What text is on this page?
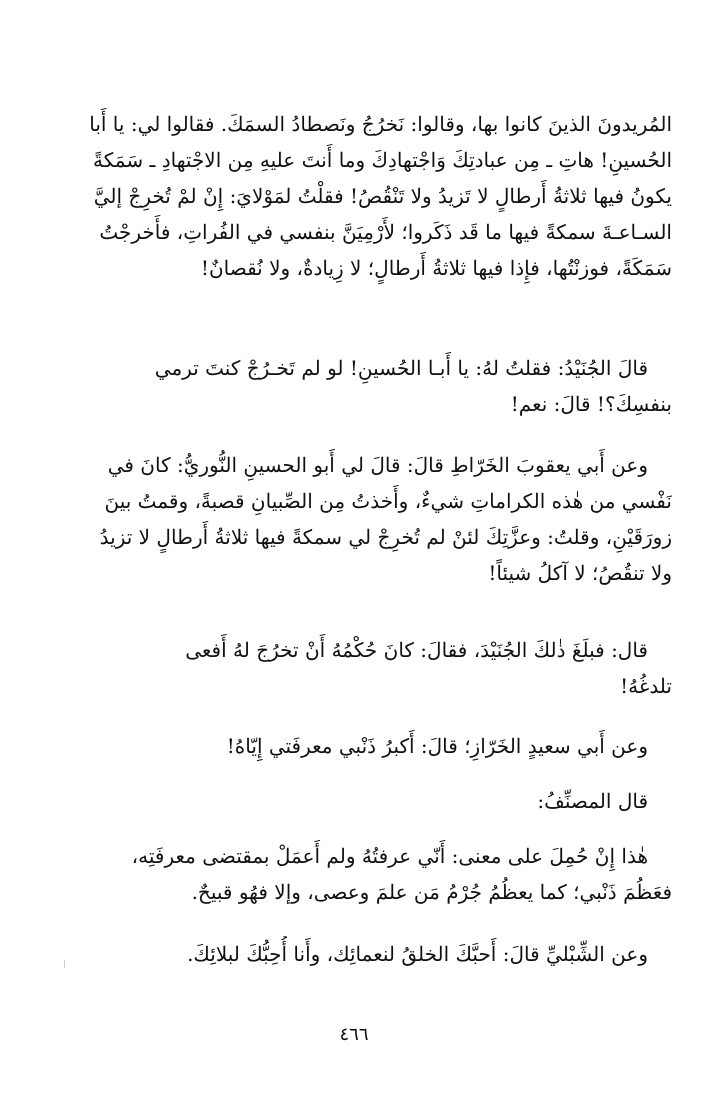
المُريدونَ الذينَ كانوا بها، وقالوا: نَخرُجُ ونَصطادُ السمَكَ. فقالوا لي: يا أَبا
الحُسينِ! هاتِ ـ مِن عبادتِكَ وَاجْتهادِكَ وما أَنتَ عليهِ مِن الاجْتهادِ ـ سَمَكةً
يكونُ فيها ثلاثةُ أَرطالٍ لا تَزيدُ ولا تَنْقُصُ! فقلْتُ لمَوْلايَ: إِنْ لمْ تُخرِجْ إليَّ
السـاعـةَ سمكةً فيها ما قَد ذَكَروا؛ لأَرْمِيَنَّ بنفسي في الفُراتِ، فأَخرجْتُ
سَمَكَةً، فوزنْتُها، فإِذا فيها ثلاثةُ أَرطالٍ؛ لا زِيادةٌ، ولا نُقصانٌ!
قالَ الجُنَيْدُ: فقلتُ لهُ: يا أَبـا الحُسينِ! لو لم تَخـرُجْ كنتَ ترمي
بنفسِكَ؟! قالَ: نعم!
وعن أَبي يعقوبَ الخَرّاطِ قالَ: قالَ لي أَبو الحسينِ النُّوريُّ: كانَ في
نَفْسي من هٰذه الكراماتِ شيءٌ، وأَخذتُ مِن الصِّبيانِ قصبةً، وقمتُ بينَ
زورَقَيْنِ، وقلتُ: وعزَّتِكَ لئنْ لم تُخرِجْ لي سمكةً فيها ثلاثةُ أَرطالٍ لا تزيدُ
ولا تنقُصُ؛ لا آكلُ شيئاً!
قال: فبلَغَ ذٰلكَ الجُنَيْدَ، فقالَ: كانَ حُكْمُهُ أَنْ تخرُجَ لهُ أَفعى
تلدغُهُ!
وعن أَبي سعيدٍ الخَرّازِ؛ قالَ: أَكبرُ ذَنْبي معرفَتي إِيّاهُ!
قال المصنِّفُ:
هٰذا إِنْ حُمِلَ على معنى: أَنّي عرفتُهُ ولم أَعمَلْ بمقتضى معرفَتِه،
فعَظُمَ ذَنْبي؛ كما يعظُمُ جُرْمُ مَن علمَ وعصى، وإلا فهُو قبيحٌ.
وعن الشِّبْليِّ قالَ: أَحبَّكَ الخلقُ لنعمائِك، وأَنا أُحِبُّكَ لبلائِكَ.
٤٦٦
